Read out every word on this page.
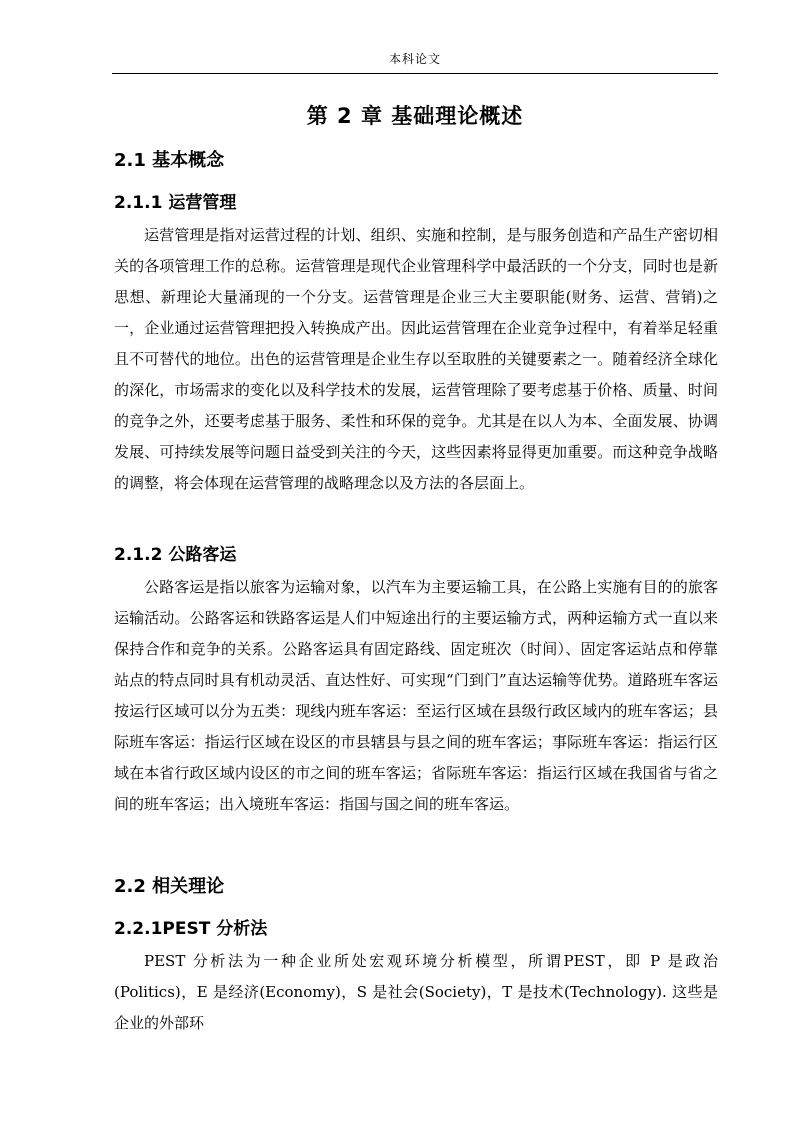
本科论文
第 2 章 基础理论概述
2.1 基本概念
2.1.1 运营管理

运营管理是指对运营过程的计划、组织、实施和控制，是与服务创造和产品生产密切相关的各项管理工作的总称。运营管理是现代企业管理科学中最活跃的一个分支，同时也是新思想、新理论大量涌现的一个分支。运营管理是企业三大主要职能(财务、运营、营销)之一，企业通过运营管理把投入转换成产出。因此运营管理在企业竞争过程中，有着举足轻重且不可替代的地位。出色的运营管理是企业生存以至取胜的关键要素之一。随着经济全球化的深化，市场需求的变化以及科学技术的发展，运营管理除了要考虑基于价格、质量、时间的竞争之外，还要考虑基于服务、柔性和环保的竞争。尤其是在以人为本、全面发展、协调发展、可持续发展等问题日益受到关注的今天，这些因素将显得更加重要。而这种竞争战略的调整，将会体现在运营管理的战略理念以及方法的各层面上。

2.1.2 公路客运

公路客运是指以旅客为运输对象，以汽车为主要运输工具，在公路上实施有目的的旅客运输活动。公路客运和铁路客运是人们中短途出行的主要运输方式，两种运输方式一直以来保持合作和竞争的关系。公路客运具有固定路线、固定班次（时间）、固定客运站点和停靠站点的特点同时具有机动灵活、直达性好、可实现“门到门”直达运输等优势。道路班车客运按运行区域可以分为五类：现线内班车客运：至运行区域在县级行政区域内的班车客运；县际班车客运：指运行区域在设区的市县辖县与县之间的班车客运；事际班车客运：指运行区域在本省行政区域内设区的市之间的班车客运；省际班车客运：指运行区域在我国省与省之间的班车客运；出入境班车客运：指国与国之间的班车客运。

2.2 相关理论
2.2.1PEST 分析法

PEST 分析法为一种企业所处宏观环境分析模型，所谓PEST，即 P 是政治(Politics)，E 是经济(Economy)，S 是社会(Society)，T 是技术(Technology). 这些是企业的外部环
